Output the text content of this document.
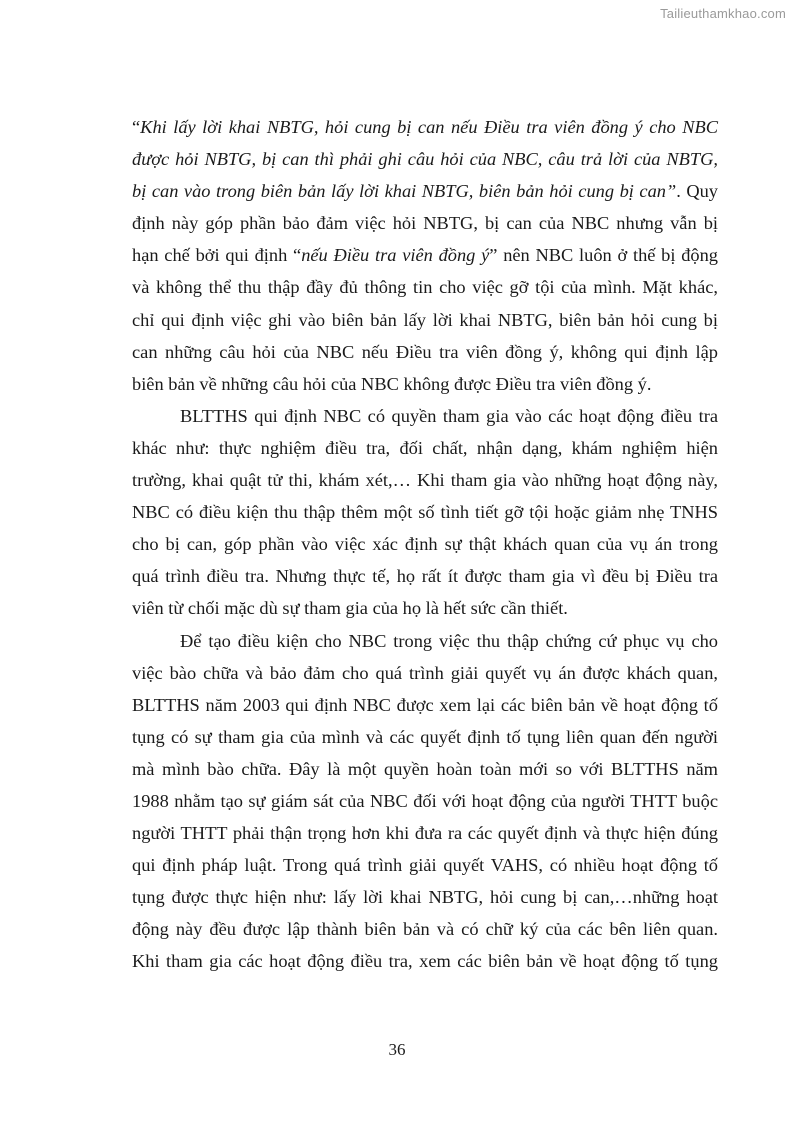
Tailieuthamkhao.com
“Khi lấy lời khai NBTG, hỏi cung bị can nếu Điều tra viên đồng ý cho NBC
được hỏi NBTG, bị can thì phải ghi câu hỏi của NBC, câu trả lời của NBTG,
bị can vào trong biên bản lấy lời khai NBTG, biên bản hỏi cung bị can”. Quy
định này góp phần bảo đảm việc hỏi NBTG, bị can của NBC nhưng vẫn bị
hạn chế bởi qui định “nếu Điều tra viên đồng ý” nên NBC luôn ở thế bị động
và không thể thu thập đầy đủ thông tin cho việc gỡ tội của mình. Mặt khác,
chỉ qui định việc ghi vào biên bản lấy lời khai NBTG, biên bản hỏi cung bị
can những câu hỏi của NBC nếu Điều tra viên đồng ý, không qui định lập
biên bản về những câu hỏi của NBC không được Điều tra viên đồng ý.
BLTTHS qui định NBC có quyền tham gia vào các hoạt động điều tra
khác như: thực nghiệm điều tra, đối chất, nhận dạng, khám nghiệm hiện
trường, khai quật tử thi, khám xét,… Khi tham gia vào những hoạt động này,
NBC có điều kiện thu thập thêm một số tình tiết gỡ tội hoặc giảm nhẹ TNHS
cho bị can, góp phần vào việc xác định sự thật khách quan của vụ án trong
quá trình điều tra. Nhưng thực tế, họ rất ít được tham gia vì đều bị Điều tra
viên từ chối mặc dù sự tham gia của họ là hết sức cần thiết.
Để tạo điều kiện cho NBC trong việc thu thập chứng cứ phục vụ cho
việc bào chữa và bảo đảm cho quá trình giải quyết vụ án được khách quan,
BLTTHS năm 2003 qui định NBC được xem lại các biên bản về hoạt động tố
tụng có sự tham gia của mình và các quyết định tố tụng liên quan đến người
mà mình bào chữa. Đây là một quyền hoàn toàn mới so với BLTTHS năm
1988 nhằm tạo sự giám sát của NBC đối với hoạt động của người THTT buộc
người THTT phải thận trọng hơn khi đưa ra các quyết định và thực hiện đúng
qui định pháp luật. Trong quá trình giải quyết VAHS, có nhiều hoạt động tố
tụng được thực hiện như: lấy lời khai NBTG, hỏi cung bị can,…những hoạt
động này đều được lập thành biên bản và có chữ ký của các bên liên quan.
Khi tham gia các hoạt động điều tra, xem các biên bản về hoạt động tố tụng
36
